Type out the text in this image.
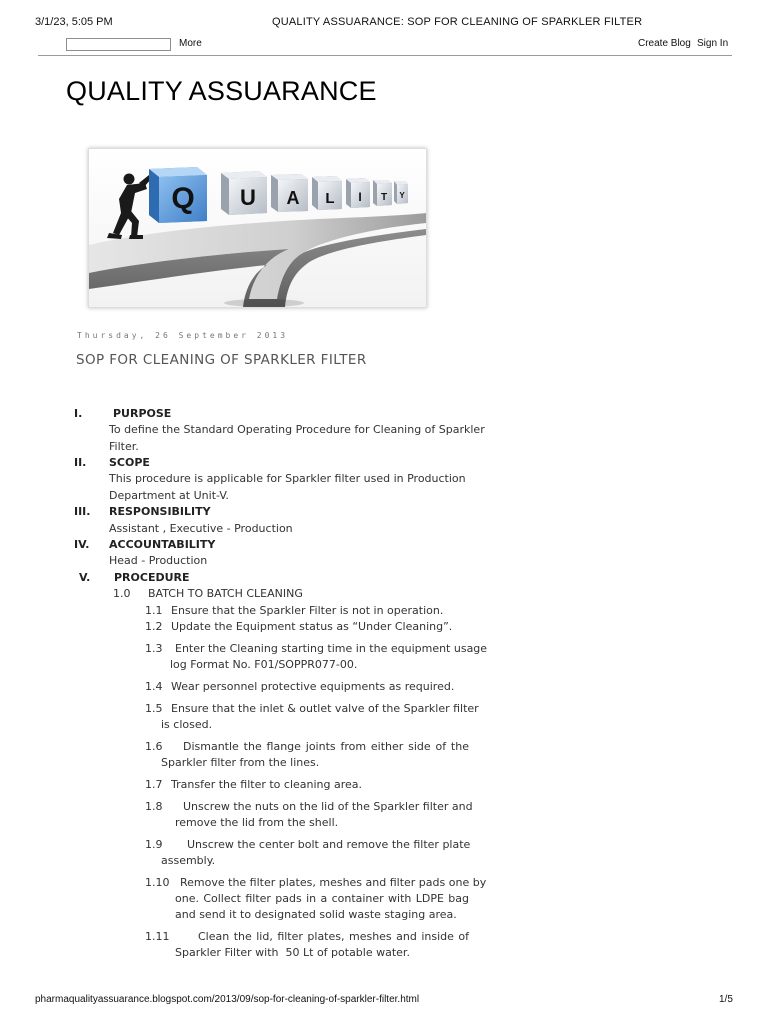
3/1/23, 5:05 PM	QUALITY ASSUARANCE: SOP FOR CLEANING OF SPARKLER FILTER
More	Create Blog Sign In
QUALITY ASSUARANCE
Q U A L I T Y
Thursday, 26 September 2013
SOP FOR CLEANING OF SPARKLER FILTER
I.	PURPOSE
To define the Standard Operating Procedure for Cleaning of Sparkler
Filter.
II. SCOPE
This procedure is applicable for Sparkler filter used in Production
Department at Unit-V.
III. RESPONSIBILITY
Assistant , Executive - Production
IV. ACCOUNTABILITY
Head - Production
V. PROCEDURE
1.0 BATCH TO BATCH CLEANING
1.1 Ensure that the Sparkler Filter is not in operation.
1.2 Update the Equipment status as “Under Cleaning”.
1.3 Enter the Cleaning starting time in the equipment usage
log Format No. F01/SOPPR077-00.
1.4 Wear personnel protective equipments as required.
1.5 Ensure that the inlet & outlet valve of the Sparkler filter
is closed.
1.6 Dismantle the flange joints from either side of the
Sparkler filter from the lines.
1.7 Transfer the filter to cleaning area.
1.8 Unscrew the nuts on the lid of the Sparkler filter and
remove the lid from the shell.
1.9 Unscrew the center bolt and remove the filter plate
assembly.
1.10 Remove the filter plates, meshes and filter pads one by
one. Collect filter pads in a container with LDPE bag
and send it to designated solid waste staging area.
1.11	Clean the lid, filter plates, meshes and inside of
Sparkler Filter with  50 Lt of potable water.
pharmaqualityassuarance.blogspot.com/2013/09/sop-for-cleaning-of-sparkler-filter.html	1/5
